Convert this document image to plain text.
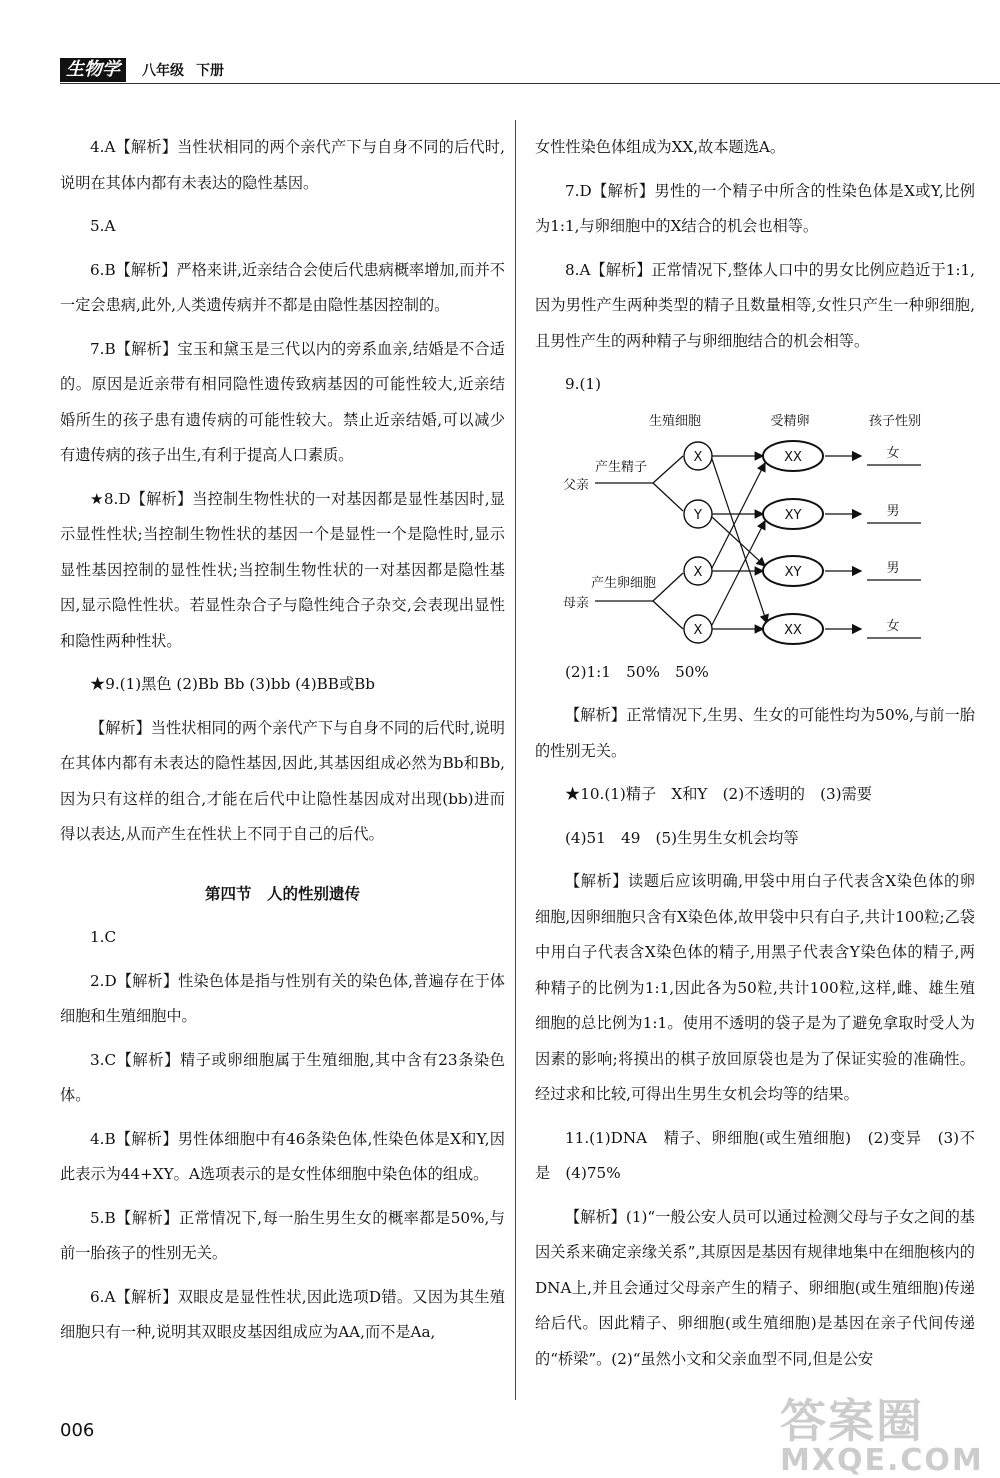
生物学	八年级 下册

4.A【解析】当性状相同的两个亲代产下与自身不同的后代时,说明在其体内都有未表达的隐性基因。

5.A

6.B【解析】严格来讲,近亲结合会使后代患病概率增加,而并不一定会患病,此外,人类遗传病并不都是由隐性基因控制的。

7.B【解析】宝玉和黛玉是三代以内的旁系血亲,结婚是不合适的。原因是近亲带有相同隐性遗传致病基因的可能性较大,近亲结婚所生的孩子患有遗传病的可能性较大。禁止近亲结婚,可以减少有遗传病的孩子出生,有利于提高人口素质。

★8.D【解析】当控制生物性状的一对基因都是显性基因时,显示显性性状;当控制生物性状的基因一个是显性一个是隐性时,显示显性基因控制的显性性状;当控制生物性状的一对基因都是隐性基因,显示隐性性状。若显性杂合子与隐性纯合子杂交,会表现出显性和隐性两种性状。

★9.(1)黑色 (2)Bb Bb (3)bb (4)BB或Bb

【解析】当性状相同的两个亲代产下与自身不同的后代时,说明在其体内都有未表达的隐性基因,因此,其基因组成必然为Bb和Bb,因为只有这样的组合,才能在后代中让隐性基因成对出现(bb)进而得以表达,从而产生在性状上不同于自己的后代。

第四节　人的性别遗传

1.C

2.D【解析】性染色体是指与性别有关的染色体,普遍存在于体细胞和生殖细胞中。

3.C【解析】精子或卵细胞属于生殖细胞,其中含有23条染色体。

4.B【解析】男性体细胞中有46条染色体,性染色体是X和Y,因此表示为44+XY。A选项表示的是女性体细胞中染色体的组成。

5.B【解析】正常情况下,每一胎生男生女的概率都是50%,与前一胎孩子的性别无关。

6.A【解析】双眼皮是显性性状,因此选项D错。又因为其生殖细胞只有一种,说明其双眼皮基因组成应为AA,而不是Aa,

女性性染色体组成为XX,故本题选A。

7.D【解析】男性的一个精子中所含的性染色体是X或Y,比例为1:1,与卵细胞中的X结合的机会也相等。

8.A【解析】正常情况下,整体人口中的男女比例应趋近于1:1,因为男性产生两种类型的精子且数量相等,女性只产生一种卵细胞,且男性产生的两种精子与卵细胞结合的机会相等。

9.(1)

生殖细胞	受精卵	孩子性别
父亲
产生精子
母亲
产生卵细胞
X
Y
X
X
XX
XY
XY
XX
女
男
男
女

(2)1:1　50%　50%

【解析】正常情况下,生男、生女的可能性均为50%,与前一胎的性别无关。

★10.(1)精子　X和Y　(2)不透明的　(3)需要

(4)51　49　(5)生男生女机会均等

【解析】读题后应该明确,甲袋中用白子代表含X染色体的卵细胞,因卵细胞只含有X染色体,故甲袋中只有白子,共计100粒;乙袋中用白子代表含X染色体的精子,用黑子代表含Y染色体的精子,两种精子的比例为1:1,因此各为50粒,共计100粒,这样,雌、雄生殖细胞的总比例为1:1。使用不透明的袋子是为了避免拿取时受人为因素的影响;将摸出的棋子放回原袋也是为了保证实验的准确性。经过求和比较,可得出生男生女机会均等的结果。

11.(1)DNA　精子、卵细胞(或生殖细胞)　(2)变异　(3)不是　(4)75%

【解析】(1)“一般公安人员可以通过检测父母与子女之间的基因关系来确定亲缘关系”,其原因是基因有规律地集中在细胞核内的DNA上,并且会通过父母亲产生的精子、卵细胞(或生殖细胞)传递给后代。因此精子、卵细胞(或生殖细胞)是基因在亲子代间传递的“桥梁”。(2)“虽然小文和父亲血型不同,但是公安

006	答案圈
MXQE.COM
